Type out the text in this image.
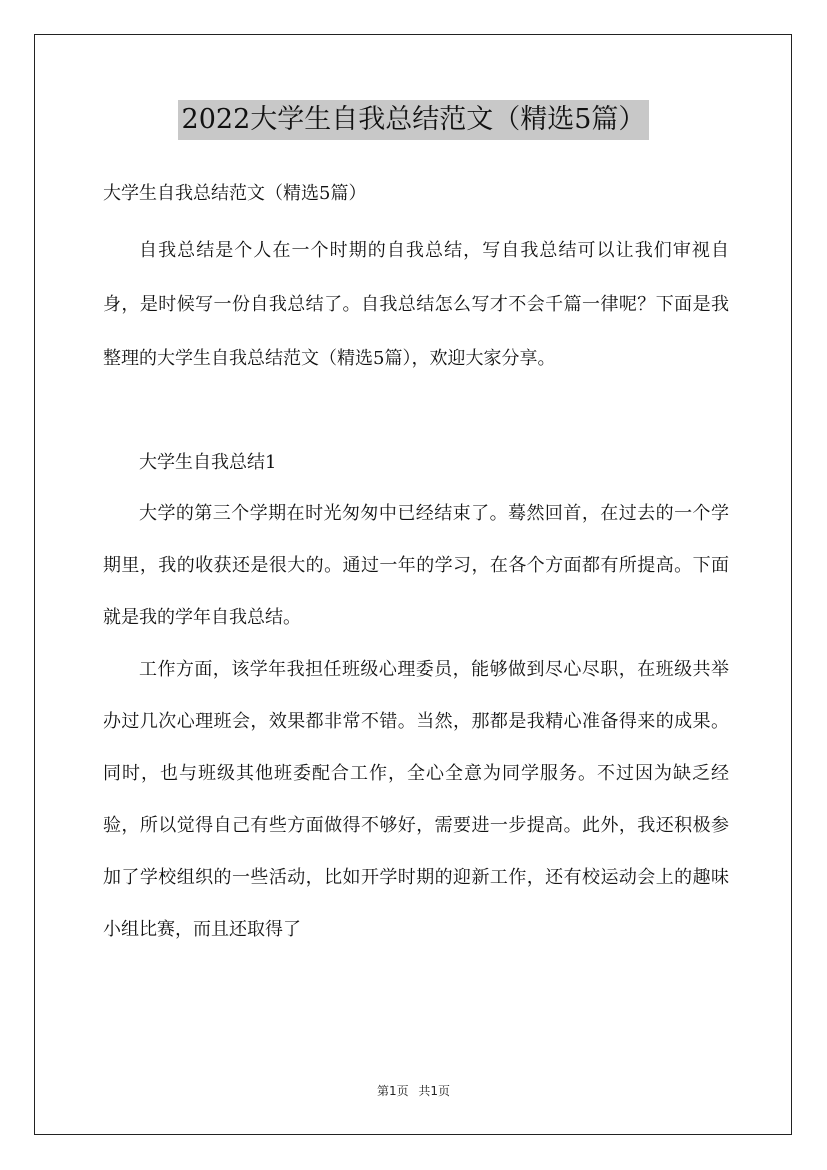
2022大学生自我总结范文（精选5篇）

大学生自我总结范文（精选5篇）

自我总结是个人在一个时期的自我总结，写自我总结可以让我们审视自身，是时候写一份自我总结了。自我总结怎么写才不会千篇一律呢？下面是我整理的大学生自我总结范文（精选5篇），欢迎大家分享。

大学生自我总结1

大学的第三个学期在时光匆匆中已经结束了。蓦然回首，在过去的一个学期里，我的收获还是很大的。通过一年的学习，在各个方面都有所提高。下面就是我的学年自我总结。

工作方面，该学年我担任班级心理委员，能够做到尽心尽职，在班级共举办过几次心理班会，效果都非常不错。当然，那都是我精心准备得来的成果。同时，也与班级其他班委配合工作，全心全意为同学服务。不过因为缺乏经验，所以觉得自己有些方面做得不够好，需要进一步提高。此外，我还积极参加了学校组织的一些活动，比如开学时期的迎新工作，还有校运动会上的趣味小组比赛，而且还取得了

第1页 共1页
